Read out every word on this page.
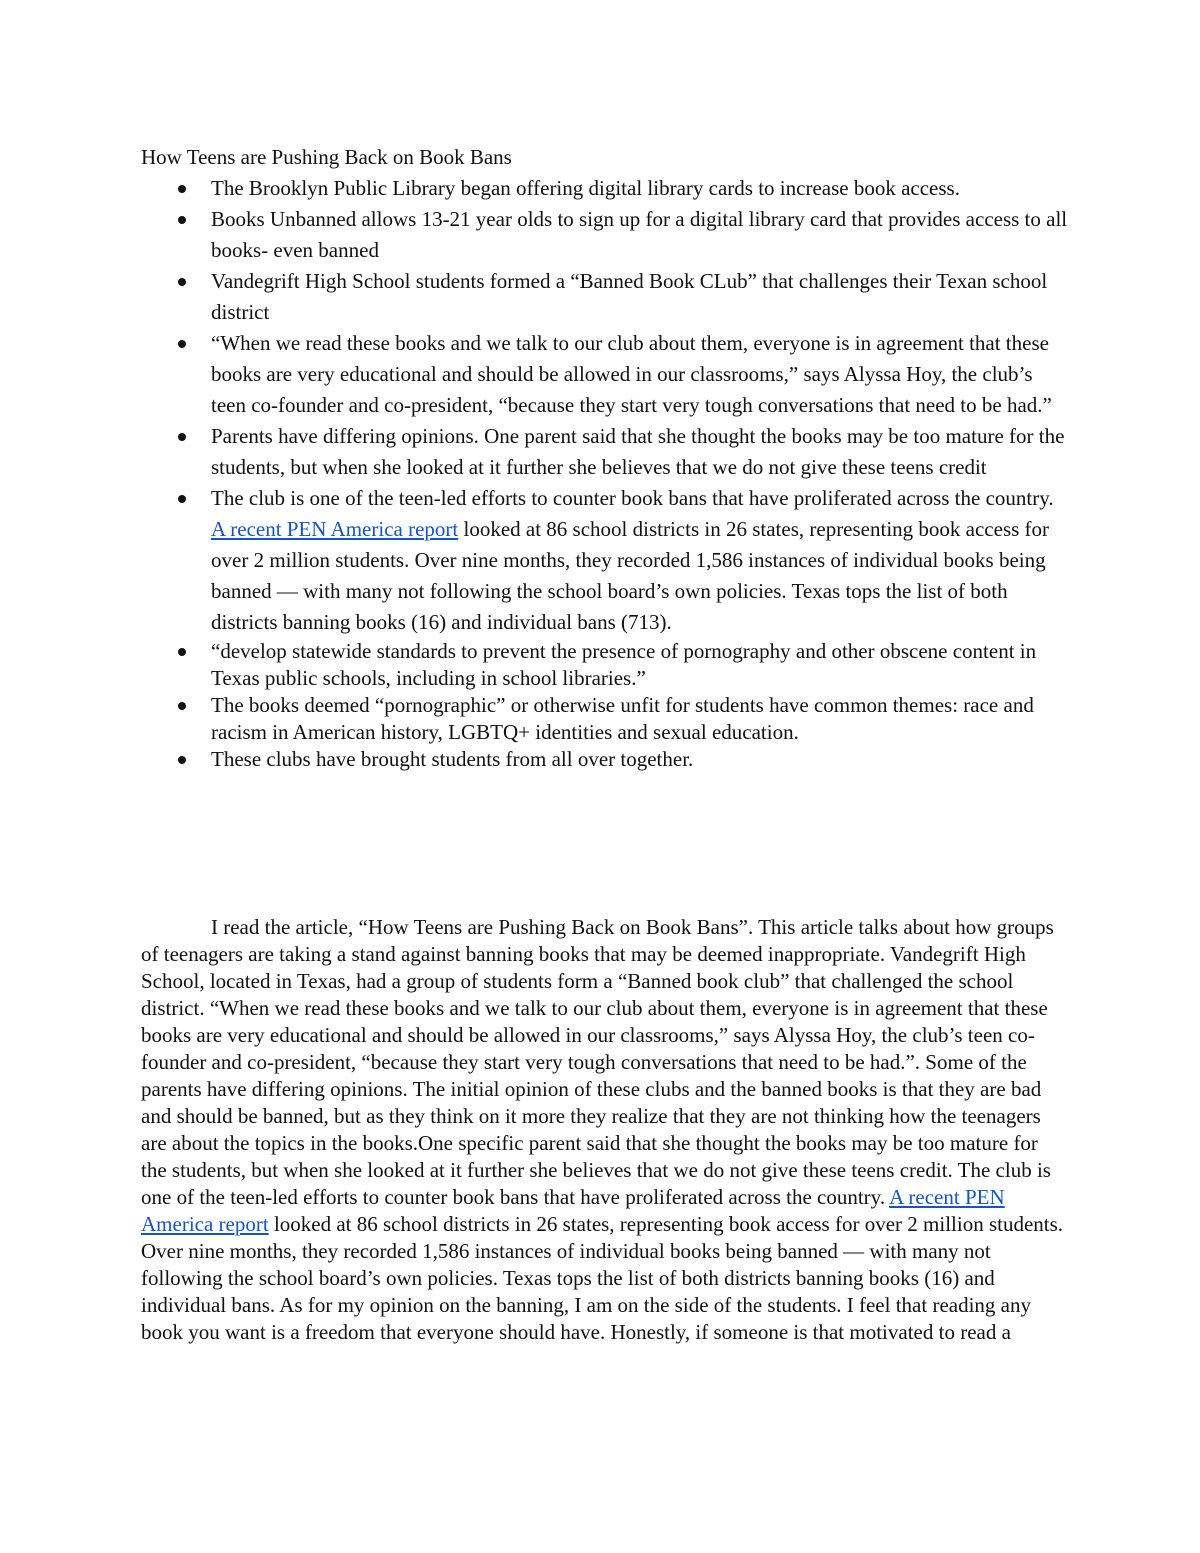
How Teens are Pushing Back on Book Bans
The Brooklyn Public Library began offering digital library cards to increase book access.
Books Unbanned allows 13-21 year olds to sign up for a digital library card that provides access to all books- even banned
Vandegrift High School students formed a “Banned Book CLub” that challenges their Texan school district
“When we read these books and we talk to our club about them, everyone is in agreement that these books are very educational and should be allowed in our classrooms,” says Alyssa Hoy, the club’s teen co-founder and co-president, “because they start very tough conversations that need to be had.”
Parents have differing opinions. One parent said that she thought the books may be too mature for the students, but when she looked at it further she believes that we do not give these teens credit
The club is one of the teen-led efforts to counter book bans that have proliferated across the country. A recent PEN America report looked at 86 school districts in 26 states, representing book access for over 2 million students. Over nine months, they recorded 1,586 instances of individual books being banned — with many not following the school board’s own policies. Texas tops the list of both districts banning books (16) and individual bans (713).
“develop statewide standards to prevent the presence of pornography and other obscene content in Texas public schools, including in school libraries.”
The books deemed “pornographic” or otherwise unfit for students have common themes: race and racism in American history, LGBTQ+ identities and sexual education.
These clubs have brought students from all over together.

I read the article, “How Teens are Pushing Back on Book Bans”. This article talks about how groups of teenagers are taking a stand against banning books that may be deemed inappropriate. Vandegrift High School, located in Texas, had a group of students form a “Banned book club” that challenged the school district. “When we read these books and we talk to our club about them, everyone is in agreement that these books are very educational and should be allowed in our classrooms,” says Alyssa Hoy, the club’s teen co-founder and co-president, “because they start very tough conversations that need to be had.”. Some of the parents have differing opinions. The initial opinion of these clubs and the banned books is that they are bad and should be banned, but as they think on it more they realize that they are not thinking how the teenagers are about the topics in the books.One specific parent said that she thought the books may be too mature for the students, but when she looked at it further she believes that we do not give these teens credit. The club is one of the teen-led efforts to counter book bans that have proliferated across the country. A recent PEN America report looked at 86 school districts in 26 states, representing book access for over 2 million students. Over nine months, they recorded 1,586 instances of individual books being banned — with many not following the school board’s own policies. Texas tops the list of both districts banning books (16) and individual bans. As for my opinion on the banning, I am on the side of the students. I feel that reading any book you want is a freedom that everyone should have. Honestly, if someone is that motivated to read a
